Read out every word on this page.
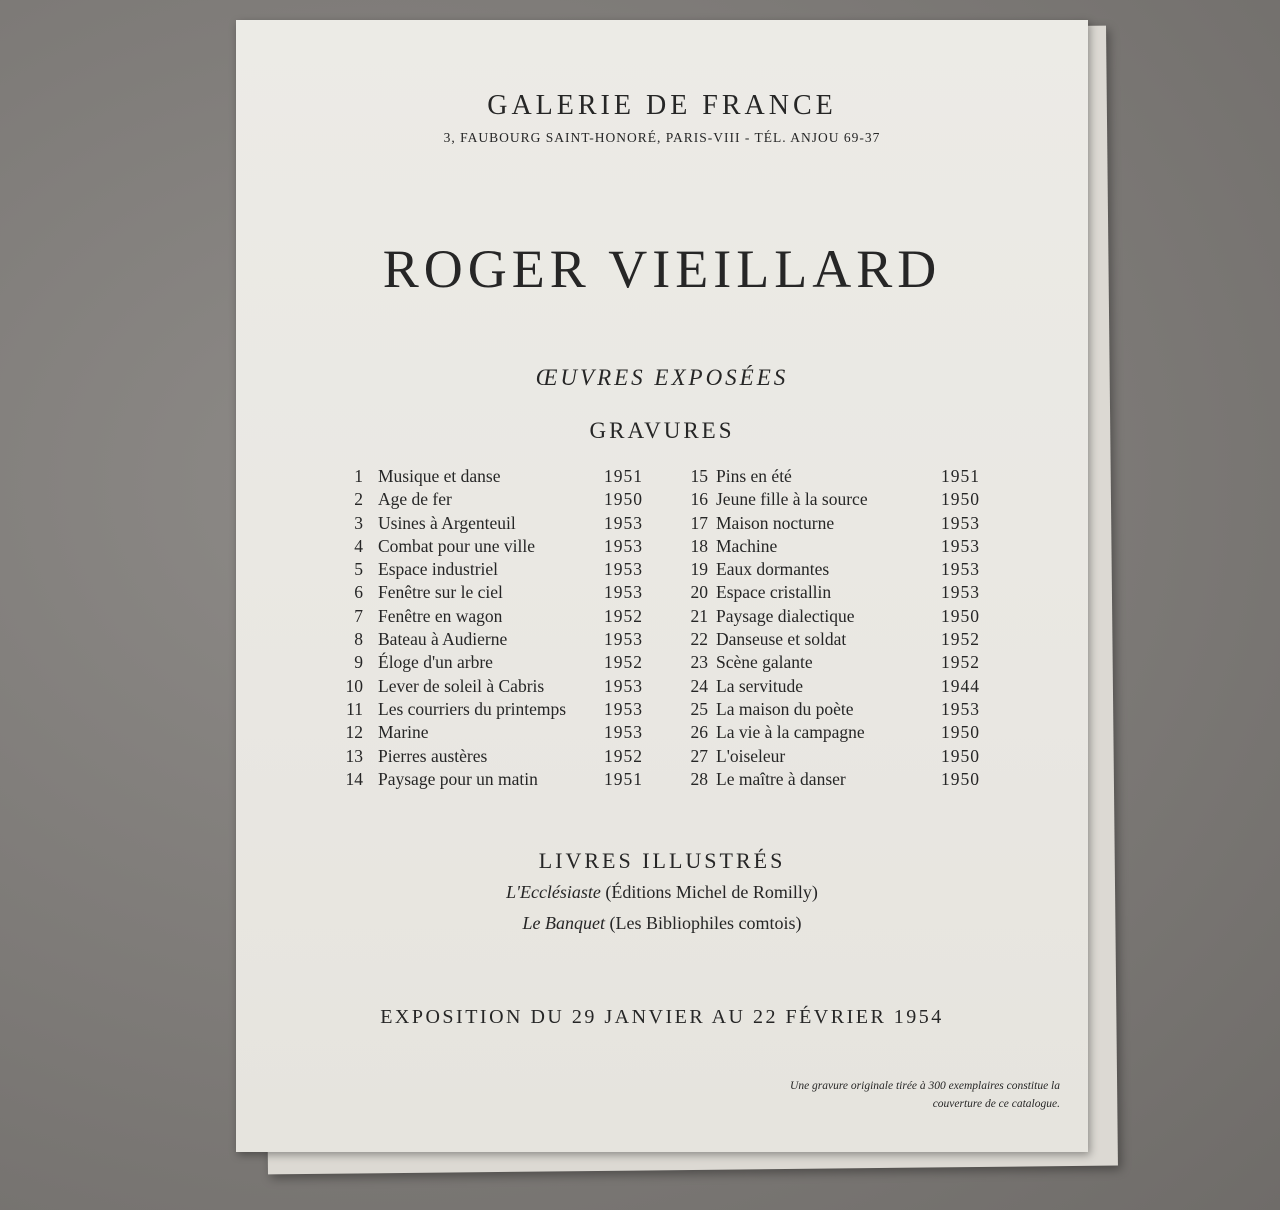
GALERIE DE FRANCE
3, FAUBOURG SAINT-HONORÉ, PARIS-VIII - TÉL. ANJOU 69-37
ROGER VIEILLARD
ŒUVRES EXPOSÉES
GRAVURES
1 Musique et danse	1951
2 Age de fer	1950
3 Usines à Argenteuil	1953
4 Combat pour une ville	1953
5 Espace industriel	1953
6 Fenêtre sur le ciel	1953
7 Fenêtre en wagon	1952
8 Bateau à Audierne	1953
9 Éloge d'un arbre	1952
10 Lever de soleil à Cabris	1953
11 Les courriers du printemps 1953
12 Marine	1953
13 Pierres austères	1952
14 Paysage pour un matin	1951
15 Pins en été	1951
16 Jeune fille à la source	1950
17 Maison nocturne	1953
18 Machine	1953
19 Eaux dormantes	1953
20 Espace cristallin	1953
21 Paysage dialectique	1950
22 Danseuse et soldat	1952
23 Scène galante	1952
24 La servitude	1944
25 La maison du poète	1953
26 La vie à la campagne	1950
27 L'oiseleur	1950
28 Le maître à danser	1950
LIVRES ILLUSTRÉS
L'Ecclésiaste (Éditions Michel de Romilly)
Le Banquet (Les Bibliophiles comtois)
EXPOSITION DU 29 JANVIER AU 22 FÉVRIER 1954
Une gravure originale tirée à 300 exemplaires constitue la couverture de ce catalogue.
